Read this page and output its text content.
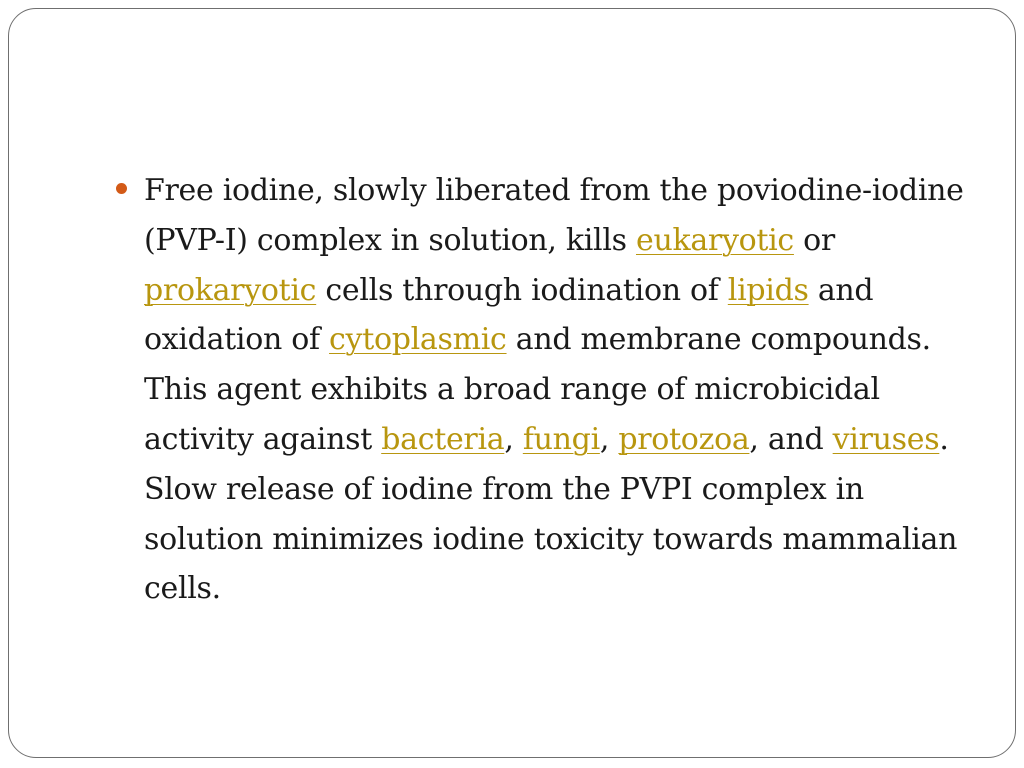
Free iodine, slowly liberated from the poviodine-iodine (PVP-I) complex in solution, kills eukaryotic or prokaryotic cells through iodination of lipids and oxidation of cytoplasmic and membrane compounds. This agent exhibits a broad range of microbicidal activity against bacteria, fungi, protozoa, and viruses. Slow release of iodine from the PVPI complex in solution minimizes iodine toxicity towards mammalian cells.
